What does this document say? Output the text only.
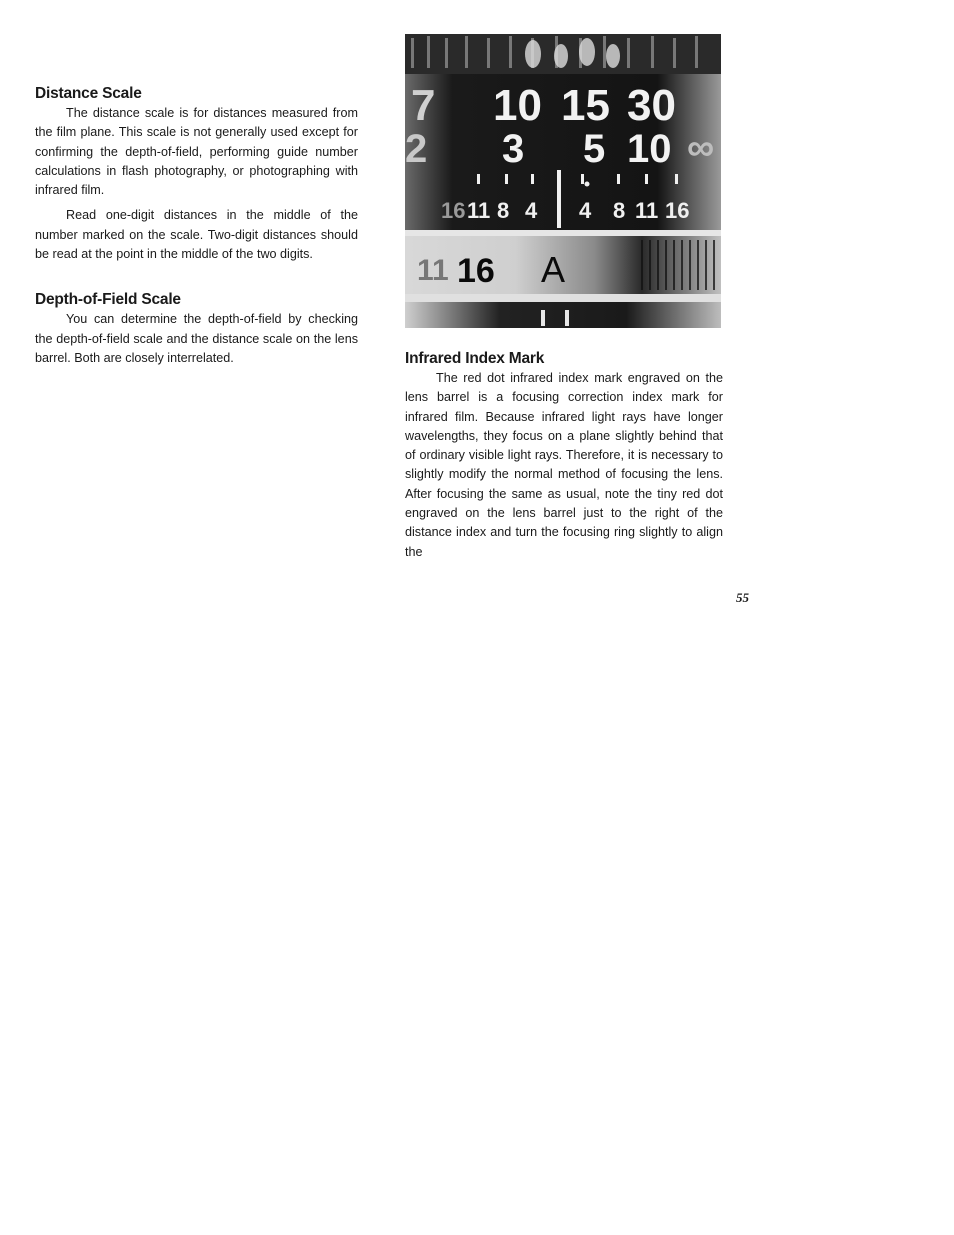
Distance Scale

The distance scale is for distances measured from the film plane. This scale is not generally used except for confirming the depth-of-field, performing guide number calculations in flash photography, or photographing with infrared film.

Read one-digit distances in the middle of the number marked on the scale. Two-digit distances should be read at the point in the middle of the two digits.

Depth-of-Field Scale

You can determine the depth-of-field by checking the depth-of-field scale and the distance scale on the lens barrel. Both are closely interrelated.

7 10 15 30
2 3 5 10 ∞
16 11 8 4 4 8 11 16
11 16 A
Infrared Index Mark

The red dot infrared index mark engraved on the lens barrel is a focusing correction index mark for infrared film. Because infrared light rays have longer wavelengths, they focus on a plane slightly behind that of ordinary visible light rays. Therefore, it is necessary to slightly modify the normal method of focusing the lens. After focusing the same as usual, note the tiny red dot engraved on the lens barrel just to the right of the distance index and turn the focusing ring slightly to align the

55
